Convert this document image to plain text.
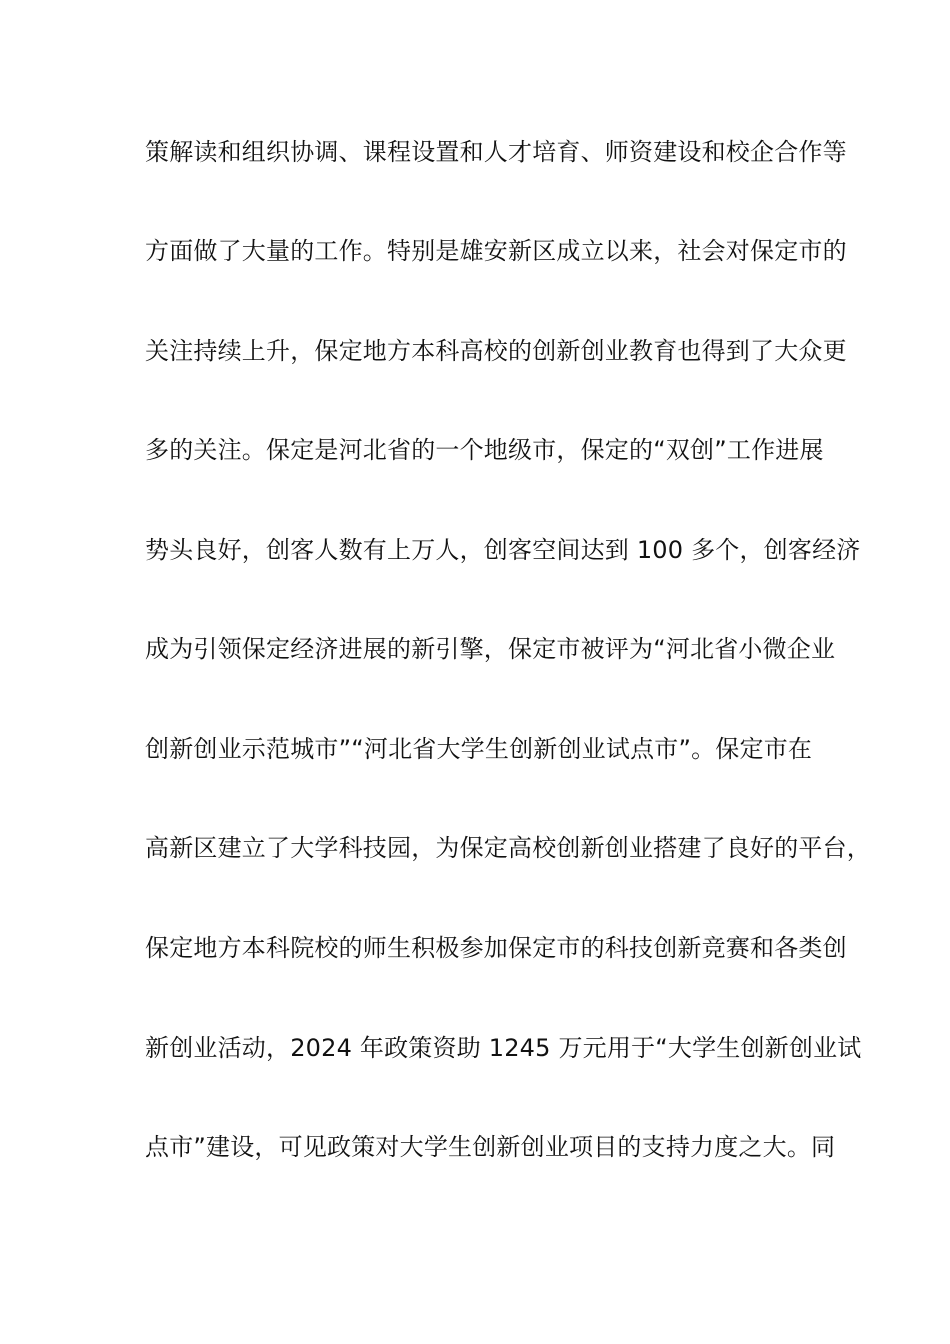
策解读和组织协调、课程设置和人才培育、师资建设和校企合作等
方面做了大量的工作。特别是雄安新区成立以来，社会对保定市的
关注持续上升，保定地方本科高校的创新创业教育也得到了大众更
多的关注。保定是河北省的一个地级市，保定的“双创”工作进展
势头良好，创客人数有上万人，创客空间达到 100 多个，创客经济
成为引领保定经济进展的新引擎，保定市被评为“河北省小微企业
创新创业示范城市”“河北省大学生创新创业试点市”。保定市在
高新区建立了大学科技园，为保定高校创新创业搭建了良好的平台，
保定地方本科院校的师生积极参加保定市的科技创新竞赛和各类创
新创业活动，2024 年政策资助 1245 万元用于“大学生创新创业试
点市”建设，可见政策对大学生创新创业项目的支持力度之大。同
